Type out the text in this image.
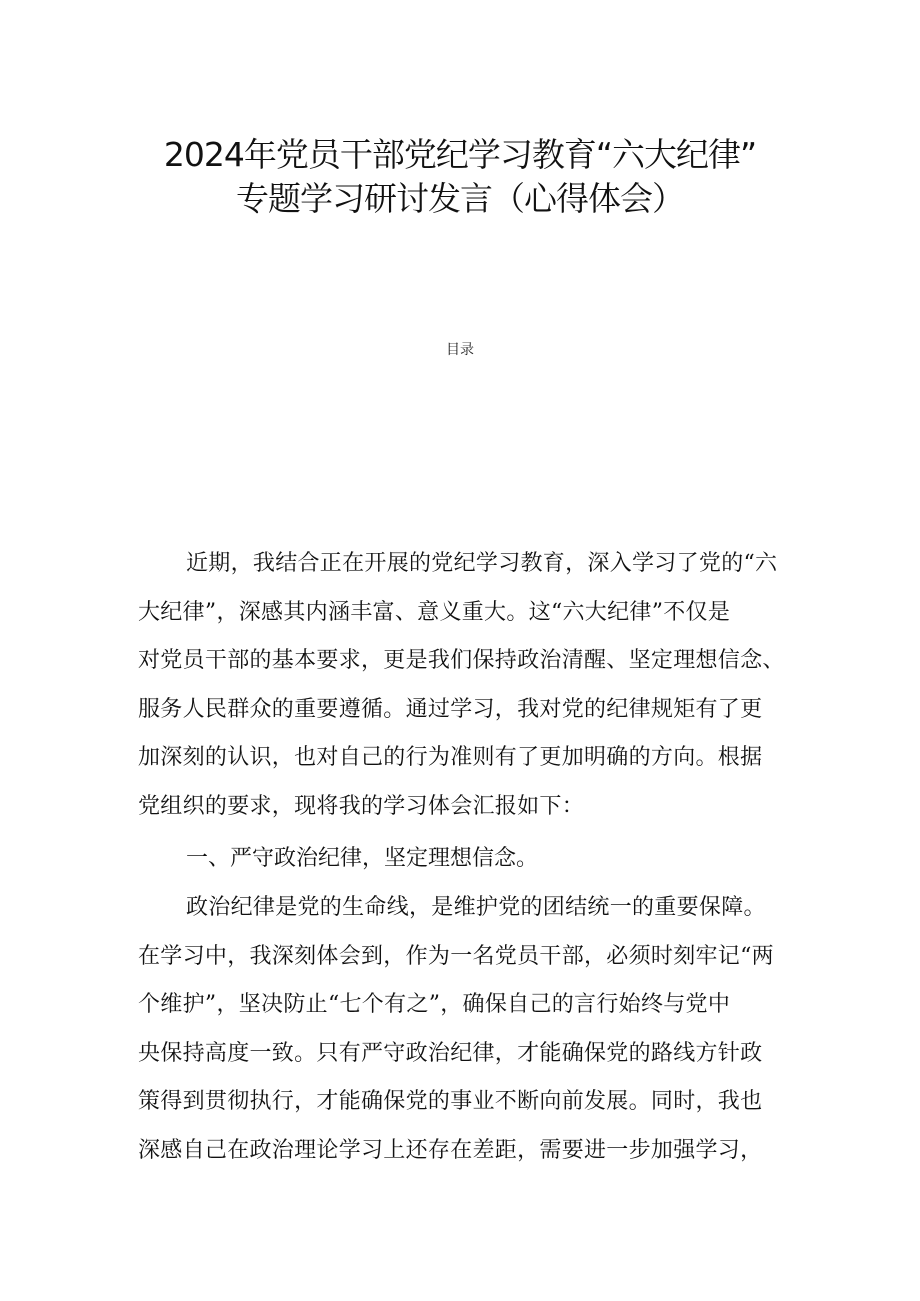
2024年党员干部党纪学习教育“六大纪律”
专题学习研讨发言（心得体会）
目录
近期，我结合正在开展的党纪学习教育，深入学习了党的“六
大纪律”，深感其内涵丰富、意义重大。这“六大纪律”不仅是
对党员干部的基本要求，更是我们保持政治清醒、坚定理想信念、
服务人民群众的重要遵循。通过学习，我对党的纪律规矩有了更
加深刻的认识，也对自己的行为准则有了更加明确的方向。根据
党组织的要求，现将我的学习体会汇报如下：
一、严守政治纪律，坚定理想信念。
政治纪律是党的生命线，是维护党的团结统一的重要保障。
在学习中，我深刻体会到，作为一名党员干部，必须时刻牢记“两
个维护”，坚决防止“七个有之”，确保自己的言行始终与党中
央保持高度一致。只有严守政治纪律，才能确保党的路线方针政
策得到贯彻执行，才能确保党的事业不断向前发展。同时，我也
深感自己在政治理论学习上还存在差距，需要进一步加强学习，
